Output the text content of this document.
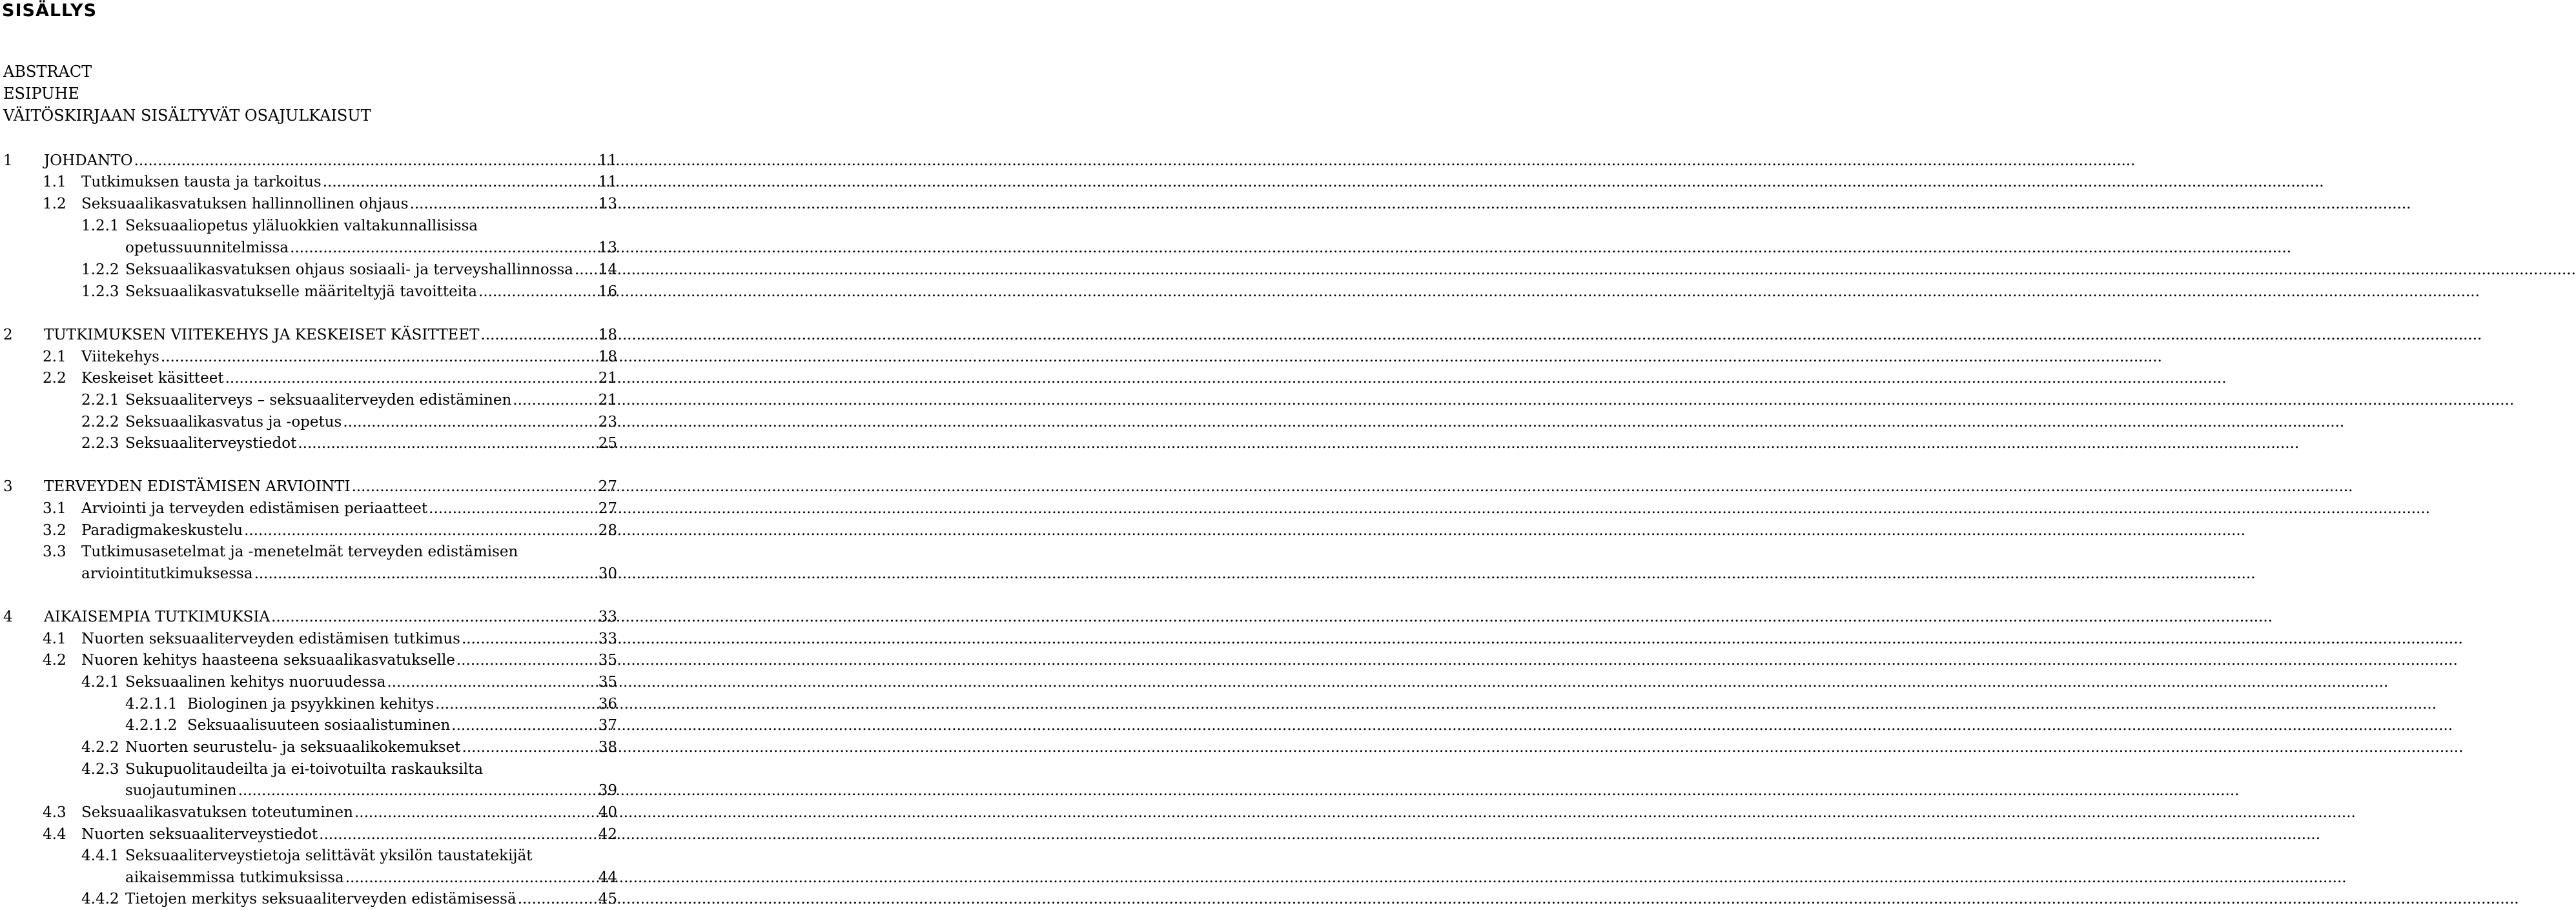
SISÄLLYS
ABSTRACT
ESIPUHE
VÄITÖSKIRJAAN SISÄLTYVÄT OSAJULKAISUT
1 JOHDANTO .....	11
1.1 Tutkimuksen tausta ja tarkoitus .....	11
1.2 Seksuaalikasvatuksen hallinnollinen ohjaus .....	13
1.2.1 Seksuaaliopetus yläluokkien valtakunnallisissa
opetussuunnitelmissa .....	13
1.2.2 Seksuaalikasvatuksen ohjaus sosiaali- ja terveyshallinnossa ..... 14
1.2.3 Seksuaalikasvatukselle määriteltyjä tavoitteita .....	16
2 TUTKIMUKSEN VIITEKEHYS JA KESKEISET KÄSITTEET .....	18
2.1 Viitekehys .....	18
2.2 Keskeiset käsitteet .....	21
2.2.1 Seksuaaliterveys – seksuaaliterveyden edistäminen .....	21
2.2.2 Seksuaalikasvatus ja -opetus .....	23
2.2.3 Seksuaaliterveystiedot .....	25
3 TERVEYDEN EDISTÄMISEN ARVIOINTI .....	27
3.1 Arviointi ja terveyden edistämisen periaatteet .....	27
3.2 Paradigmakeskustelu .....	28
3.3 Tutkimusasetelmat ja -menetelmät terveyden edistämisen
arviointitutkimuksessa .....	30
4 AIKAISEMPIA TUTKIMUKSIA .....	33
4.1 Nuorten seksuaaliterveyden edistämisen tutkimus .....	33
4.2 Nuoren kehitys haasteena seksuaalikasvatukselle .....	35
4.2.1 Seksuaalinen kehitys nuoruudessa .....	35
4.2.1.1 Biologinen ja psyykkinen kehitys .....	36
4.2.1.2 Seksuaalisuuteen sosiaalistuminen .....	37
4.2.2 Nuorten seurustelu- ja seksuaalikokemukset .....	38
4.2.3 Sukupuolitaudeilta ja ei-toivotuilta raskauksilta
suojautuminen .....	39
4.3 Seksuaalikasvatuksen toteutuminen .....	40
4.4 Nuorten seksuaaliterveystiedot .....	42
4.4.1 Seksuaaliterveystietoja selittävät yksilön taustatekijät
aikaisemmissa tutkimuksissa .....	44
4.4.2 Tietojen merkitys seksuaaliterveyden edistämisessä .....	45
